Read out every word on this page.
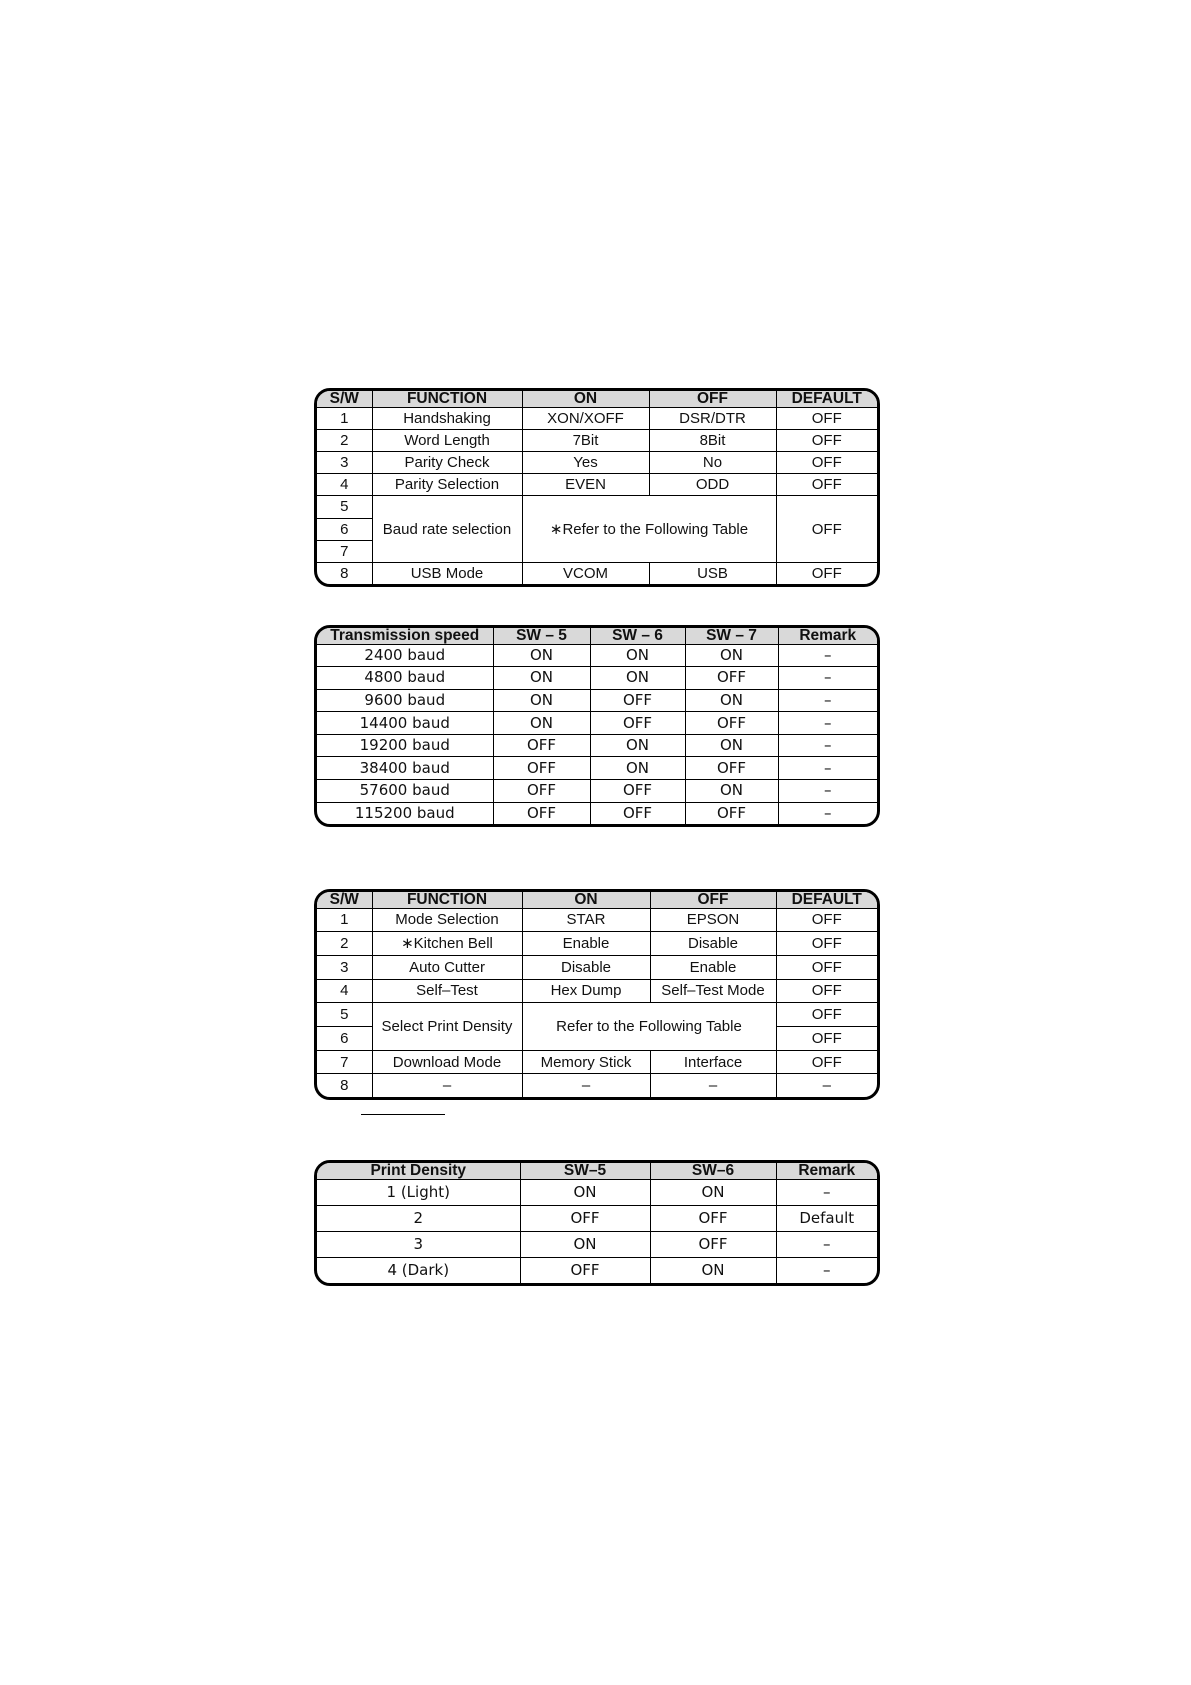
S/W	FUNCTION	ON	OFF	DEFAULT
1	Handshaking	XON/XOFF	DSR/DTR	OFF
2	Word Length	7Bit	8Bit	OFF
3	Parity Check	Yes	No	OFF
4	Parity Selection	EVEN	ODD	OFF
5	Baud rate selection	∗Refer to the Following Table		OFF
6				
7				
8	USB Mode	VCOM	USB	OFF
Transmission speed	SW – 5	SW – 6	SW – 7	Remark
2400 baud	ON	ON	ON	–
4800 baud	ON	ON	OFF	–
9600 baud	ON	OFF	ON	–
14400 baud	ON	OFF	OFF	–
19200 baud	OFF	ON	ON	–
38400 baud	OFF	ON	OFF	–
57600 baud	OFF	OFF	ON	–
115200 baud	OFF	OFF	OFF	–
S/W	FUNCTION	ON	OFF	DEFAULT
1	Mode Selection	STAR	EPSON	OFF
2	∗Kitchen Bell	Enable	Disable	OFF
3	Auto Cutter	Disable	Enable	OFF
4	Self–Test	Hex Dump	Self–Test Mode	OFF
5	Select Print Density	Refer to the Following Table		OFF
6				OFF
7	Download Mode	Memory Stick	Interface	OFF
8	–	–	–	–
Print Density	SW–5	SW–6	Remark
1 (Light)	ON	ON	–
2	OFF	OFF	Default
3	ON	OFF	–
4 (Dark)	OFF	ON	–
